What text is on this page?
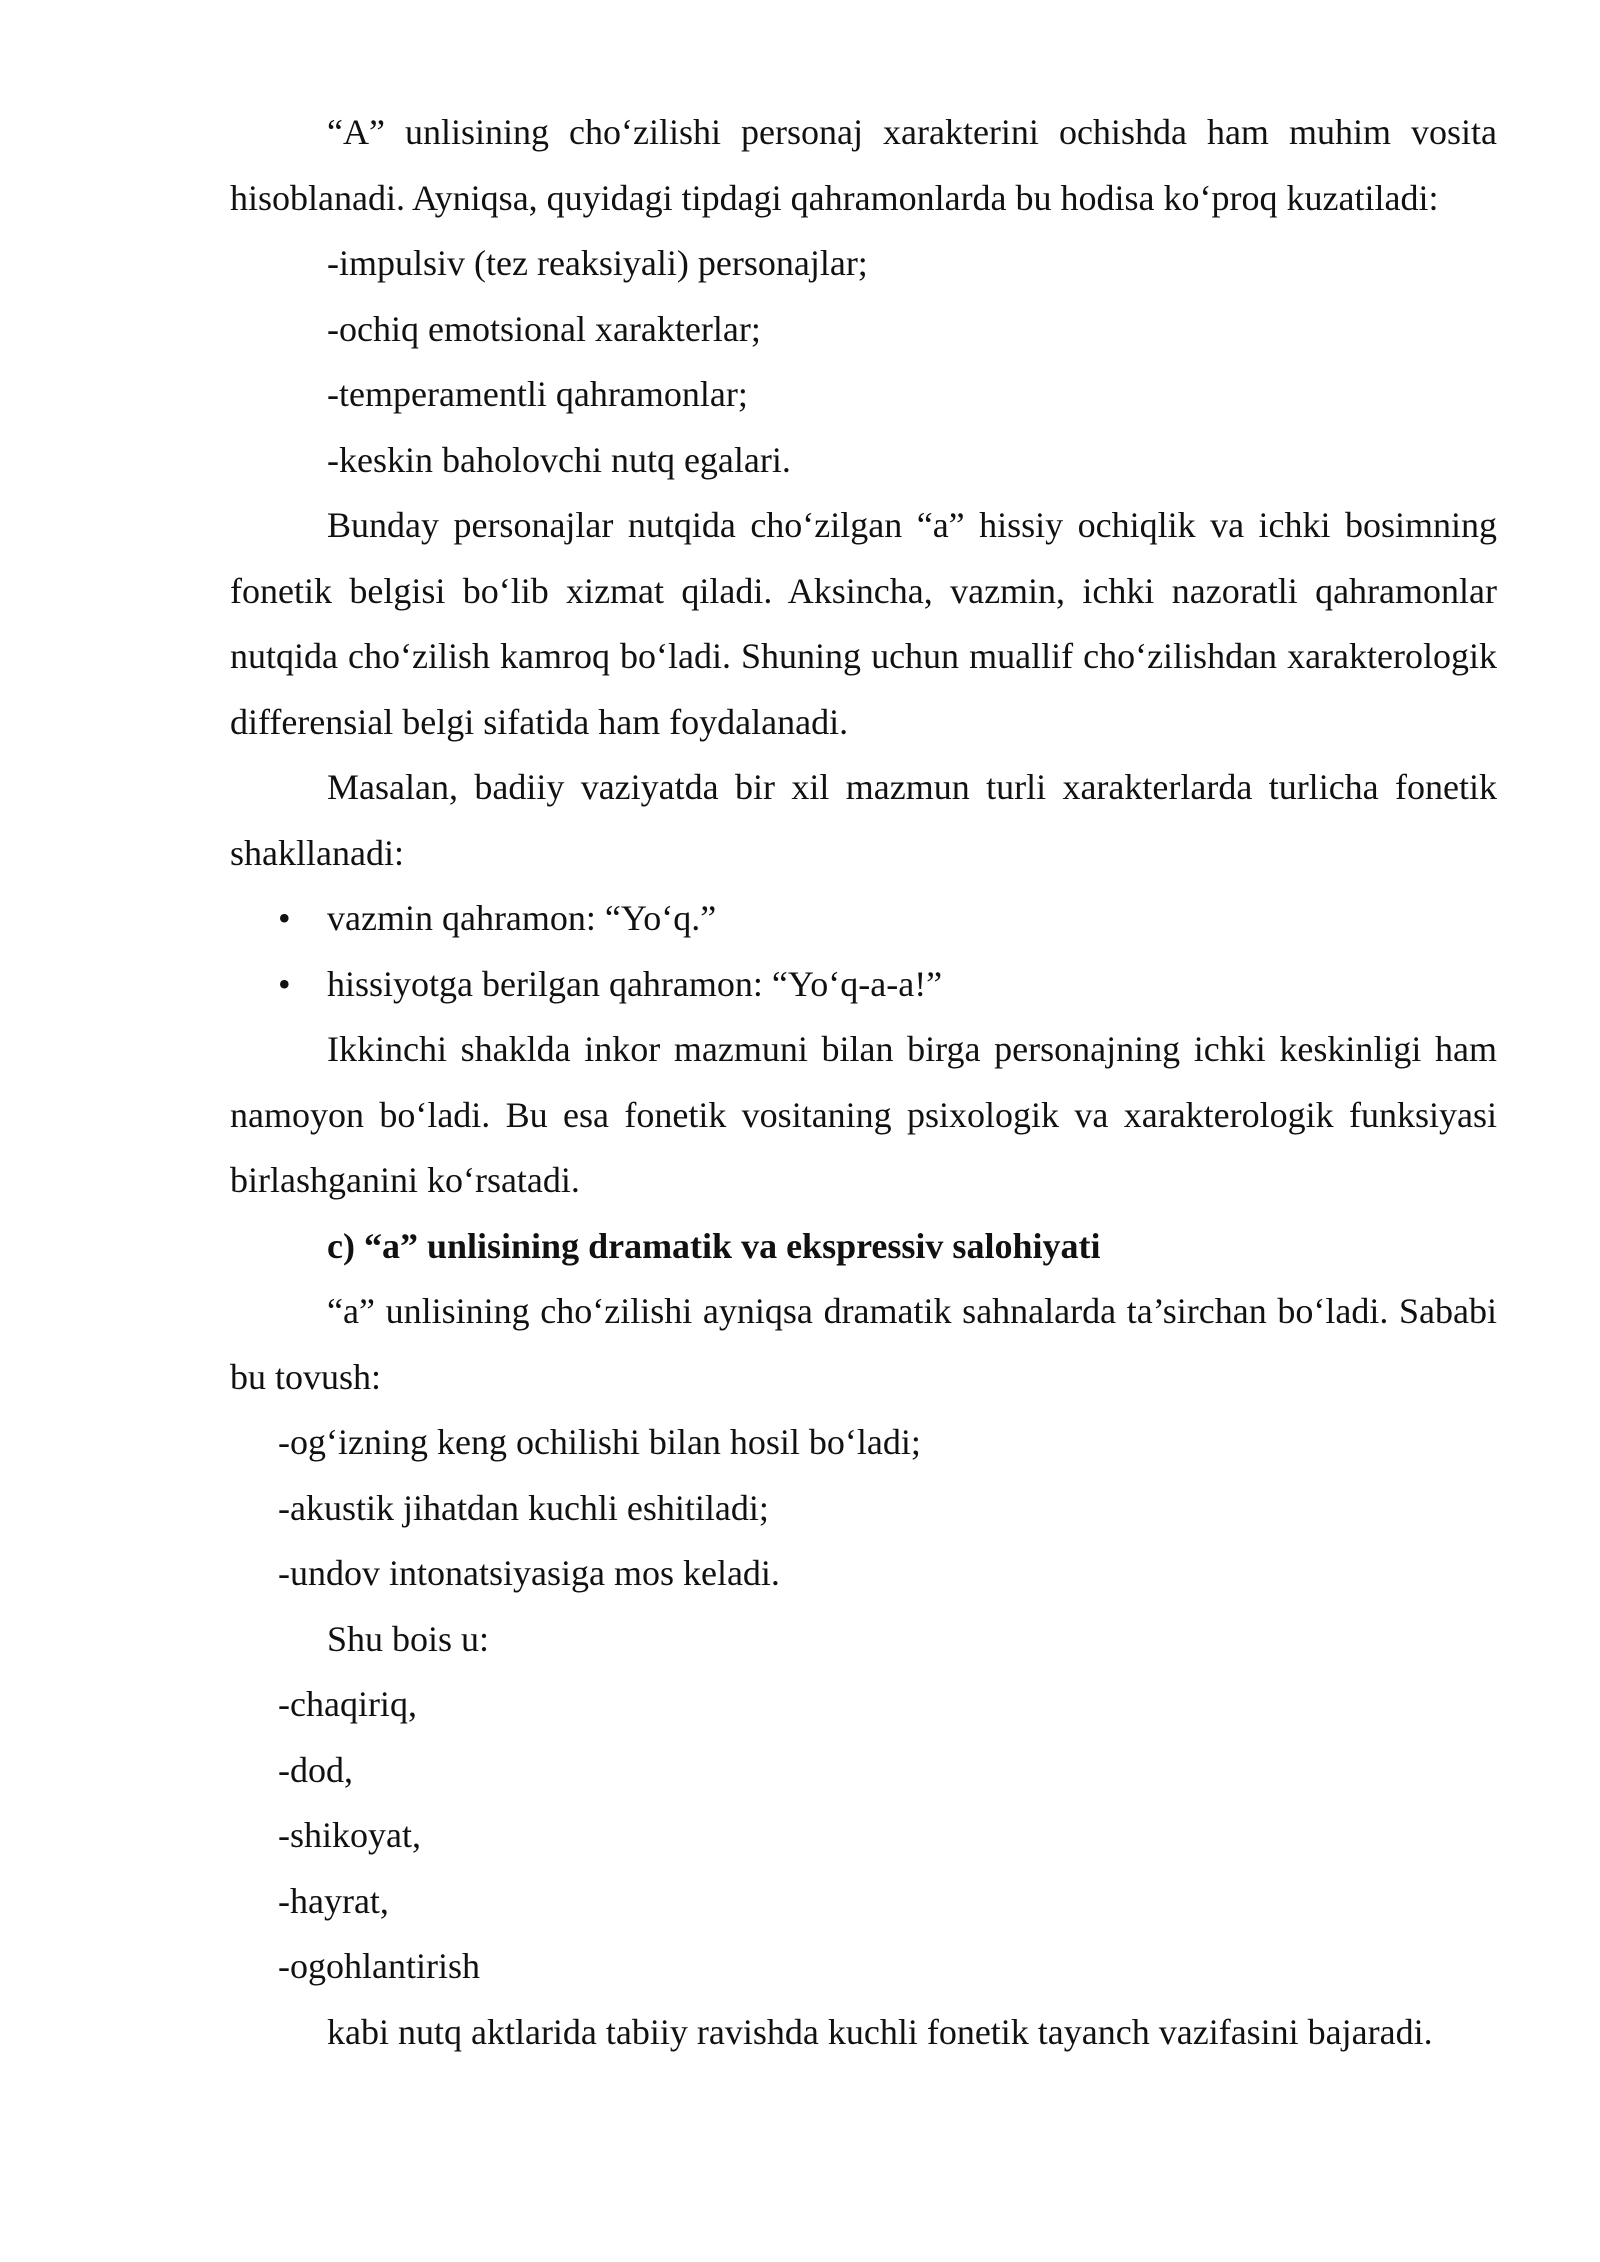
“A” unlisining cho‘zilishi personaj xarakterini ochishda ham muhim vosita hisoblanadi. Ayniqsa, quyidagi tipdagi qahramonlarda bu hodisa ko‘proq kuzatiladi:

-impulsiv (tez reaksiyali) personajlar;

-ochiq emotsional xarakterlar;

-temperamentli qahramonlar;

-keskin baholovchi nutq egalari.

Bunday personajlar nutqida cho‘zilgan “a” hissiy ochiqlik va ichki bosimning fonetik belgisi bo‘lib xizmat qiladi. Aksincha, vazmin, ichki nazoratli qahramonlar nutqida cho‘zilish kamroq bo‘ladi. Shuning uchun muallif cho‘zilishdan xarakterologik differensial belgi sifatida ham foydalanadi.

Masalan, badiiy vaziyatda bir xil mazmun turli xarakterlarda turlicha fonetik shakllanadi:

•	vazmin qahramon: “Yo‘q.”
•	hissiyotga berilgan qahramon: “Yo‘q-a-a!”

Ikkinchi shakldа inkor mazmuni bilan birga personajning ichki keskinligi ham namoyon bo‘ladi. Bu esa fonetik vositaning psixologik va xarakterologik funksiyasi birlashganini ko‘rsatadi.

c) “a” unlisining dramatik va ekspressiv salohiyati

“a” unlisining cho‘zilishi ayniqsa dramatik sahnalarda ta’sirchan bo‘ladi. Sababi bu tovush:

-og‘izning keng ochilishi bilan hosil bo‘ladi;

-akustik jihatdan kuchli eshitiladi;

-undov intonatsiyasiga mos keladi.

Shu bois u:

-chaqiriq,

-dod,

-shikoyat,

-hayrat,

-ogohlantirish

kabi nutq aktlarida tabiiy ravishda kuchli fonetik tayanch vazifasini bajaradi.
